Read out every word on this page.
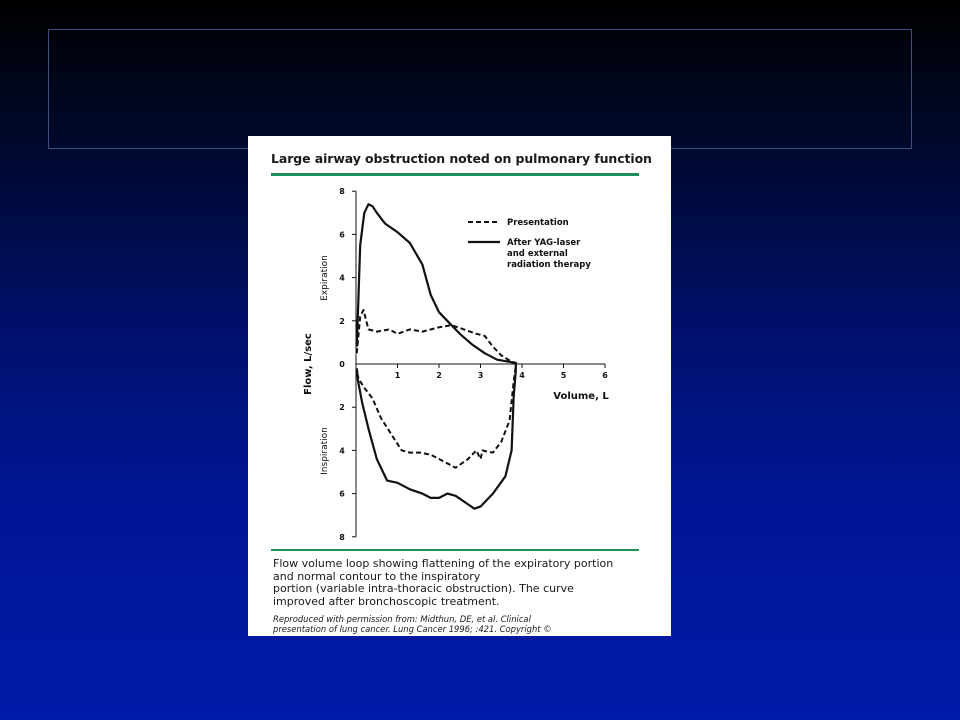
Large airway obstruction noted on pulmonary function
1	2	3	4	5	6
2
4
6
8
2
4
6
8
0
Presentation
After YAG-laser and external radiation therapy
Flow, L/sec
Volume, L
Expiration
Inspiration
Flow volume loop showing flattening of the expiratory portion
and normal contour to the inspiratory
portion (variable intra-thoracic obstruction). The curve
improved after bronchoscopic treatment.
Reproduced with permission from: Midthun, DE, et al. Clinical
presentation of lung cancer. Lung Cancer 1996; :421. Copyright ©
